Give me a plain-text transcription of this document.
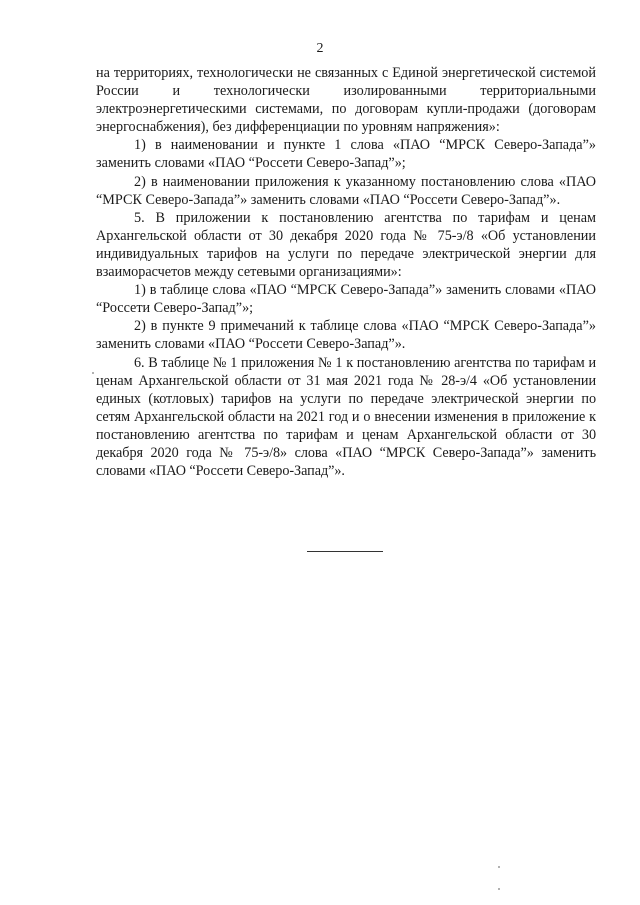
2

на территориях, технологически не связанных с Единой энергетической системой России и технологически изолированными территориальными электроэнергетическими системами, по договорам купли-продажи (договорам энергоснабжения), без дифференциации по уровням напряжения»:

1) в наименовании и пункте 1 слова «ПАО “МРСК Северо-Запада”» заменить словами «ПАО “Россети Северо-Запад”»;

2) в наименовании приложения к указанному постановлению слова «ПАО “МРСК Северо-Запада”» заменить словами «ПАО “Россети Северо-Запад”».

5. В приложении к постановлению агентства по тарифам и ценам Архангельской области от 30 декабря 2020 года № 75-э/8 «Об установлении индивидуальных тарифов на услуги по передаче электрической энергии для взаиморасчетов между сетевыми организациями»:

1) в таблице слова «ПАО “МРСК Северо-Запада”» заменить словами «ПАО “Россети Северо-Запад”»;

2) в пункте 9 примечаний к таблице слова «ПАО “МРСК Северо-Запада”» заменить словами «ПАО “Россети Северо-Запад”».

6. В таблице № 1 приложения № 1 к постановлению агентства по тарифам и ценам Архангельской области от 31 мая 2021 года № 28-э/4 «Об установлении единых (котловых) тарифов на услуги по передаче электрической энергии по сетям Архангельской области на 2021 год и о внесении изменения в приложение к постановлению агентства по тарифам и ценам Архангельской области от 30 декабря 2020 года № 75-э/8» слова «ПАО “МРСК Северо-Запада”» заменить словами «ПАО “Россети Северо-Запад”».
